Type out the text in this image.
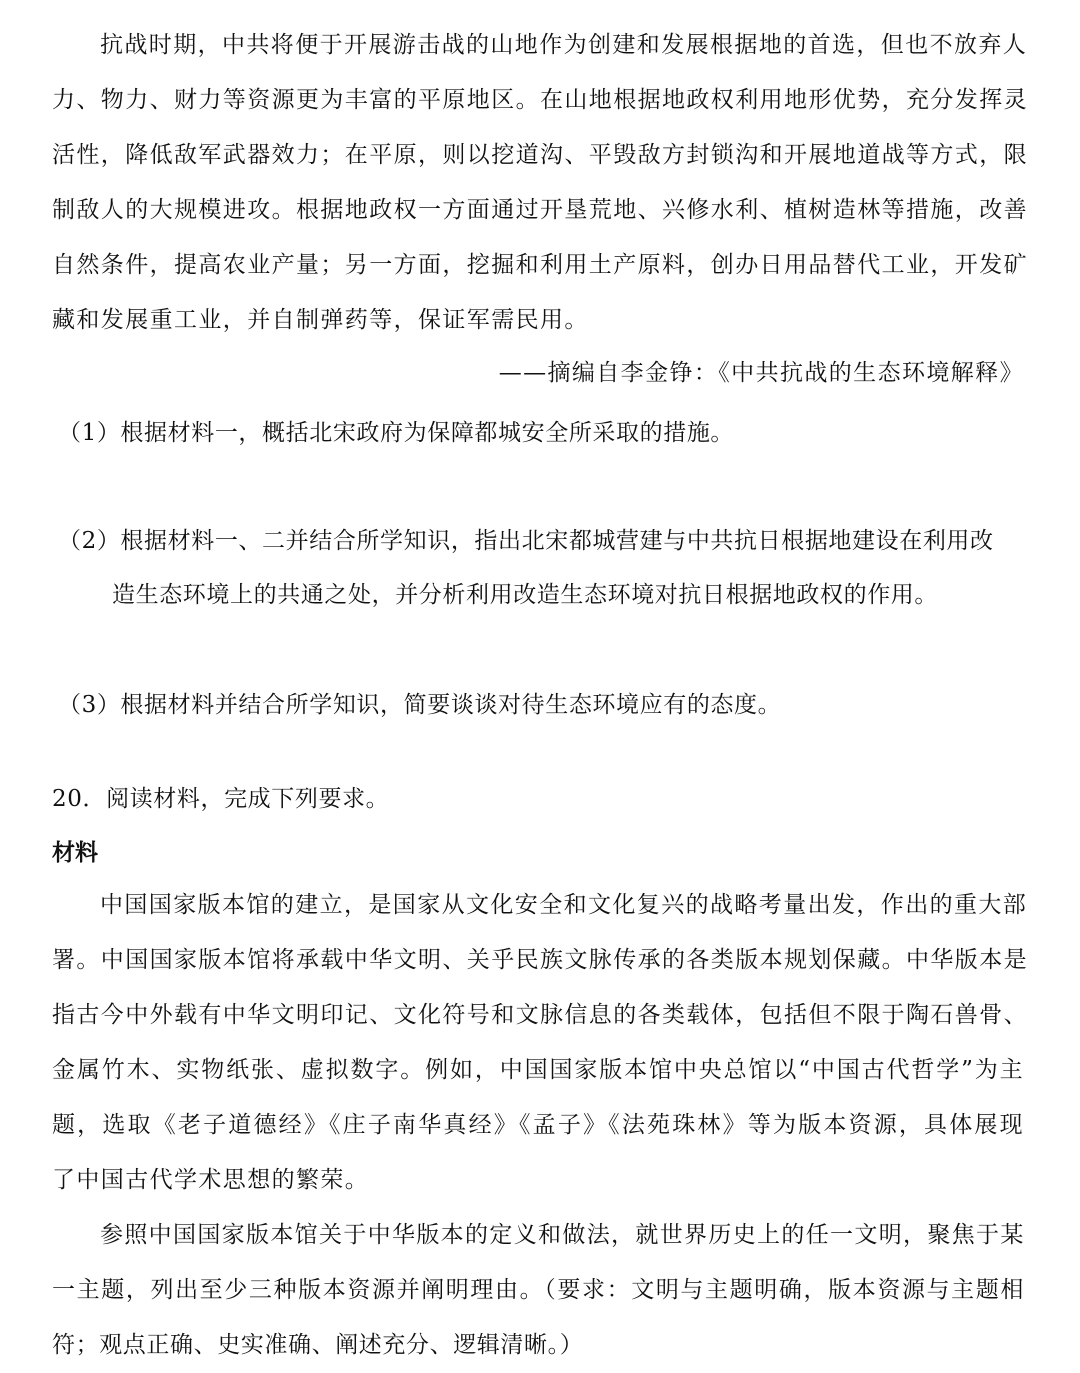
抗战时期，中共将便于开展游击战的山地作为创建和发展根据地的首选，但也不放弃人
力、物力、财力等资源更为丰富的平原地区。在山地根据地政权利用地形优势，充分发挥灵
活性，降低敌军武器效力；在平原，则以挖道沟、平毁敌方封锁沟和开展地道战等方式，限
制敌人的大规模进攻。根据地政权一方面通过开垦荒地、兴修水利、植树造林等措施，改善
自然条件，提高农业产量；另一方面，挖掘和利用土产原料，创办日用品替代工业，开发矿
藏和发展重工业，并自制弹药等，保证军需民用。
——摘编自李金铮：《中共抗战的生态环境解释》
（1）根据材料一，概括北宋政府为保障都城安全所采取的措施。
（2）根据材料一、二并结合所学知识，指出北宋都城营建与中共抗日根据地建设在利用改
造生态环境上的共通之处，并分析利用改造生态环境对抗日根据地政权的作用。
（3）根据材料并结合所学知识，简要谈谈对待生态环境应有的态度。
20．阅读材料，完成下列要求。
材料
中国国家版本馆的建立，是国家从文化安全和文化复兴的战略考量出发，作出的重大部
署。中国国家版本馆将承载中华文明、关乎民族文脉传承的各类版本规划保藏。中华版本是
指古今中外载有中华文明印记、文化符号和文脉信息的各类载体，包括但不限于陶石兽骨、
金属竹木、实物纸张、虚拟数字。例如，中国国家版本馆中央总馆以“中国古代哲学”为主
题，选取《老子道德经》《庄子南华真经》《孟子》《法苑珠林》等为版本资源，具体展现
了中国古代学术思想的繁荣。
参照中国国家版本馆关于中华版本的定义和做法，就世界历史上的任一文明，聚焦于某
一主题，列出至少三种版本资源并阐明理由。（要求：文明与主题明确，版本资源与主题相
符；观点正确、史实准确、阐述充分、逻辑清晰。）
